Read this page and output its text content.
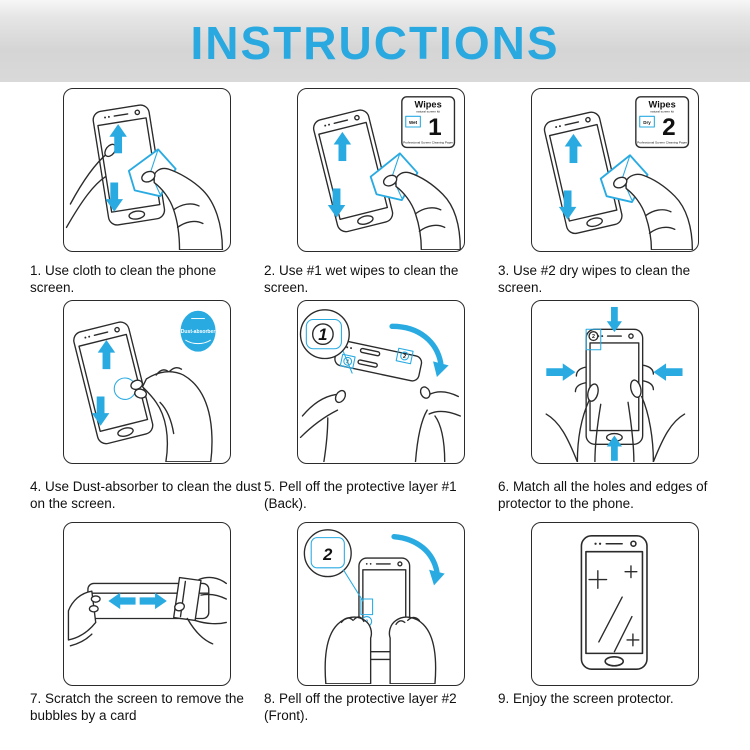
INSTRUCTIONS
1. Use cloth to clean the phone screen.
Wipes
natural screen kit
Wet 1
Professional Screen Cleaning Paper
2. Use #1 wet wipes to clean the screen.
Wipes
natural screen kit
Dry 2
Professional Screen Cleaning Paper
3. Use #2 dry wipes to clean the screen.
Dust-absorber
4. Use Dust-absorber to clean the dust on the screen.
1
2
1
5. Pell off the protective layer #1 (Back).
2
6. Match all the holes and edges of protector to the phone.
7. Scratch the screen to remove the bubbles by a card
2
8. Pell off the protective layer #2 (Front).
9. Enjoy the screen protector.
